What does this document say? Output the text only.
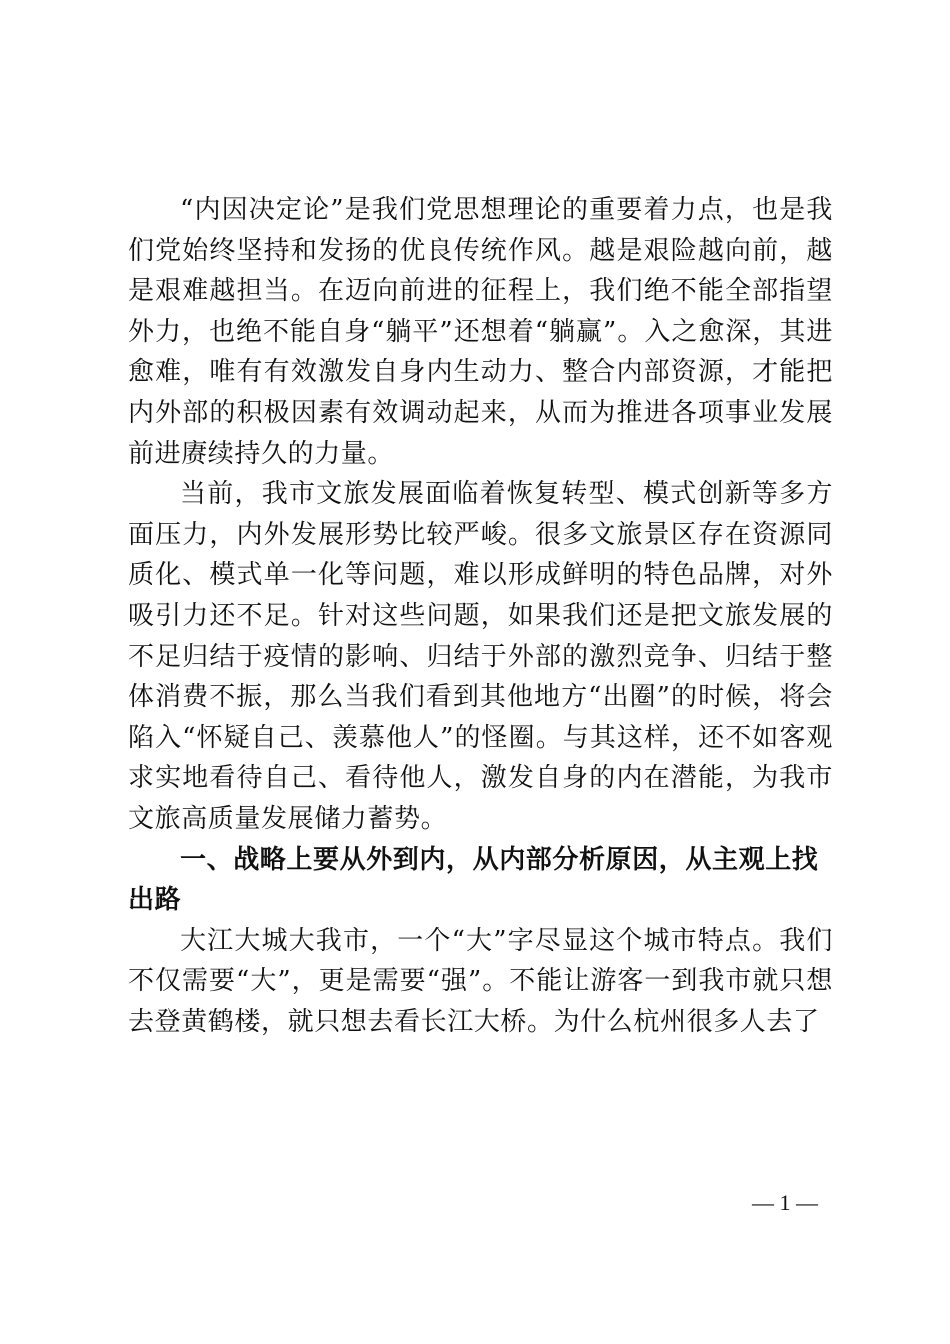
“内因决定论”是我们党思想理论的重要着力点，也是我们党始终坚持和发扬的优良传统作风。越是艰险越向前，越是艰难越担当。在迈向前进的征程上，我们绝不能全部指望外力，也绝不能自身“躺平”还想着“躺赢”。入之愈深，其进愈难，唯有有效激发自身内生动力、整合内部资源，才能把内外部的积极因素有效调动起来，从而为推进各项事业发展前进赓续持久的力量。

当前，我市文旅发展面临着恢复转型、模式创新等多方面压力，内外发展形势比较严峻。很多文旅景区存在资源同质化、模式单一化等问题，难以形成鲜明的特色品牌，对外吸引力还不足。针对这些问题，如果我们还是把文旅发展的不足归结于疫情的影响、归结于外部的激烈竞争、归结于整体消费不振，那么当我们看到其他地方“出圈”的时候，将会陷入“怀疑自己、羡慕他人”的怪圈。与其这样，还不如客观求实地看待自己、看待他人，激发自身的内在潜能，为我市文旅高质量发展储力蓄势。

一、战略上要从外到内，从内部分析原因，从主观上找出路

大江大城大我市，一个“大”字尽显这个城市特点。我们不仅需要“大”，更是需要“强”。不能让游客一到我市就只想去登黄鹤楼，就只想去看长江大桥。为什么杭州很多人去了

— 1 —
